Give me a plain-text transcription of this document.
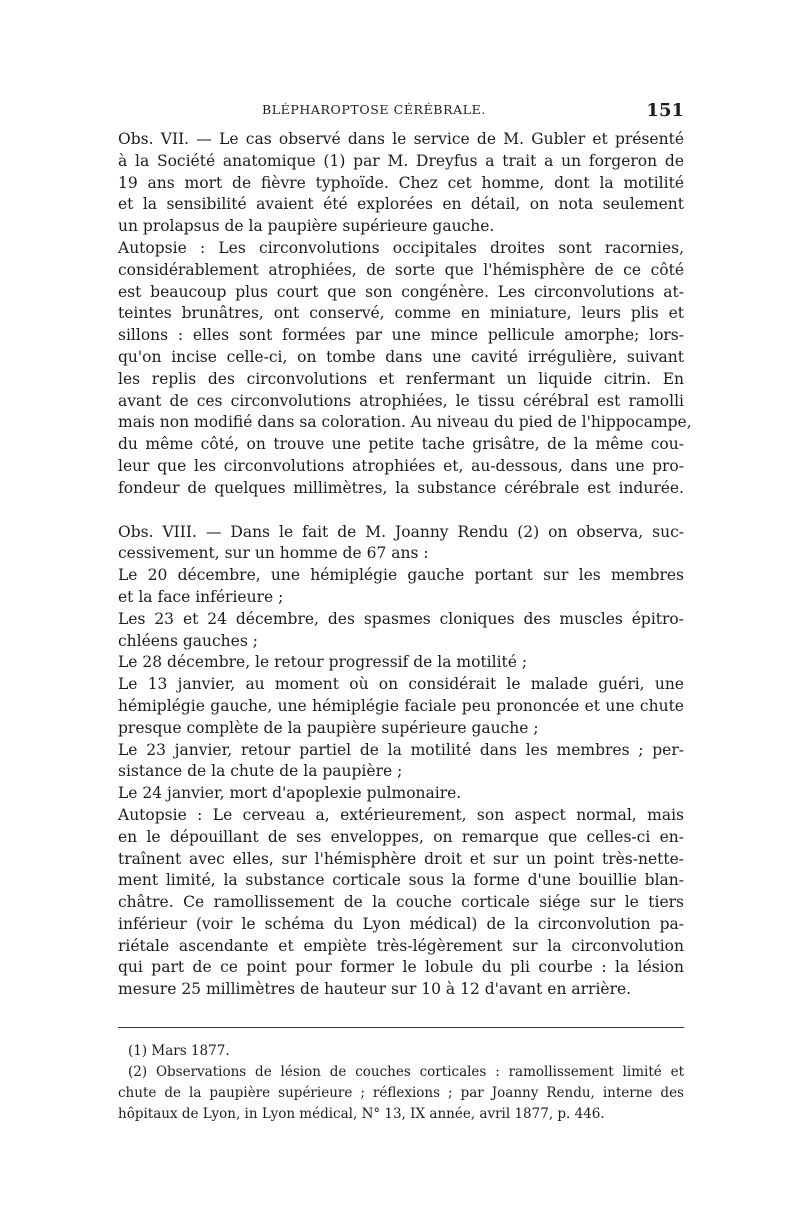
BLÉPHAROPTOSE CÉRÉBRALE.	151
Obs. VII. — Le cas observé dans le service de M. Gubler et présenté
à la Société anatomique (1) par M. Dreyfus a trait a un forgeron de
19 ans mort de fièvre typhoïde. Chez cet homme, dont la motilité
et la sensibilité avaient été explorées en détail, on nota seulement
un prolapsus de la paupière supérieure gauche.
Autopsie : Les circonvolutions occipitales droites sont racornies,
considérablement atrophiées, de sorte que l'hémisphère de ce côté
est beaucoup plus court que son congénère. Les circonvolutions at-
teintes brunâtres, ont conservé, comme en miniature, leurs plis et
sillons : elles sont formées par une mince pellicule amorphe; lors-
qu'on incise celle-ci, on tombe dans une cavité irrégulière, suivant
les replis des circonvolutions et renfermant un liquide citrin. En
avant de ces circonvolutions atrophiées, le tissu cérébral est ramolli
mais non modifié dans sa coloration. Au niveau du pied de l'hippocampe,
du même côté, on trouve une petite tache grisâtre, de la même cou-
leur que les circonvolutions atrophiées et, au-dessous, dans une pro-
fondeur de quelques millimètres, la substance cérébrale est indurée.
Obs. VIII. — Dans le fait de M. Joanny Rendu (2) on observa, suc-
cessivement, sur un homme de 67 ans :
Le 20 décembre, une hémiplégie gauche portant sur les membres
et la face inférieure ;
Les 23 et 24 décembre, des spasmes cloniques des muscles épitro-
chléens gauches ;
Le 28 décembre, le retour progressif de la motilité ;
Le 13 janvier, au moment où on considérait le malade guéri, une
hémiplégie gauche, une hémiplégie faciale peu prononcée et une chute
presque complète de la paupière supérieure gauche ;
Le 23 janvier, retour partiel de la motilité dans les membres ; per-
sistance de la chute de la paupière ;
Le 24 janvier, mort d'apoplexie pulmonaire.
Autopsie : Le cerveau a, extérieurement, son aspect normal, mais
en le dépouillant de ses enveloppes, on remarque que celles-ci en-
traînent avec elles, sur l'hémisphère droit et sur un point très-nette-
ment limité, la substance corticale sous la forme d'une bouillie blan-
châtre. Ce ramollissement de la couche corticale siége sur le tiers
inférieur (voir le schéma du Lyon médical) de la circonvolution pa-
riétale ascendante et empiète très-légèrement sur la circonvolution
qui part de ce point pour former le lobule du pli courbe : la lésion
mesure 25 millimètres de hauteur sur 10 à 12 d'avant en arrière.
(1) Mars 1877.
(2) Observations de lésion de couches corticales : ramollissement limité et
chute de la paupière supérieure ; réflexions ; par Joanny Rendu, interne des
hôpitaux de Lyon, in Lyon médical, N° 13, IX année, avril 1877, p. 446.
